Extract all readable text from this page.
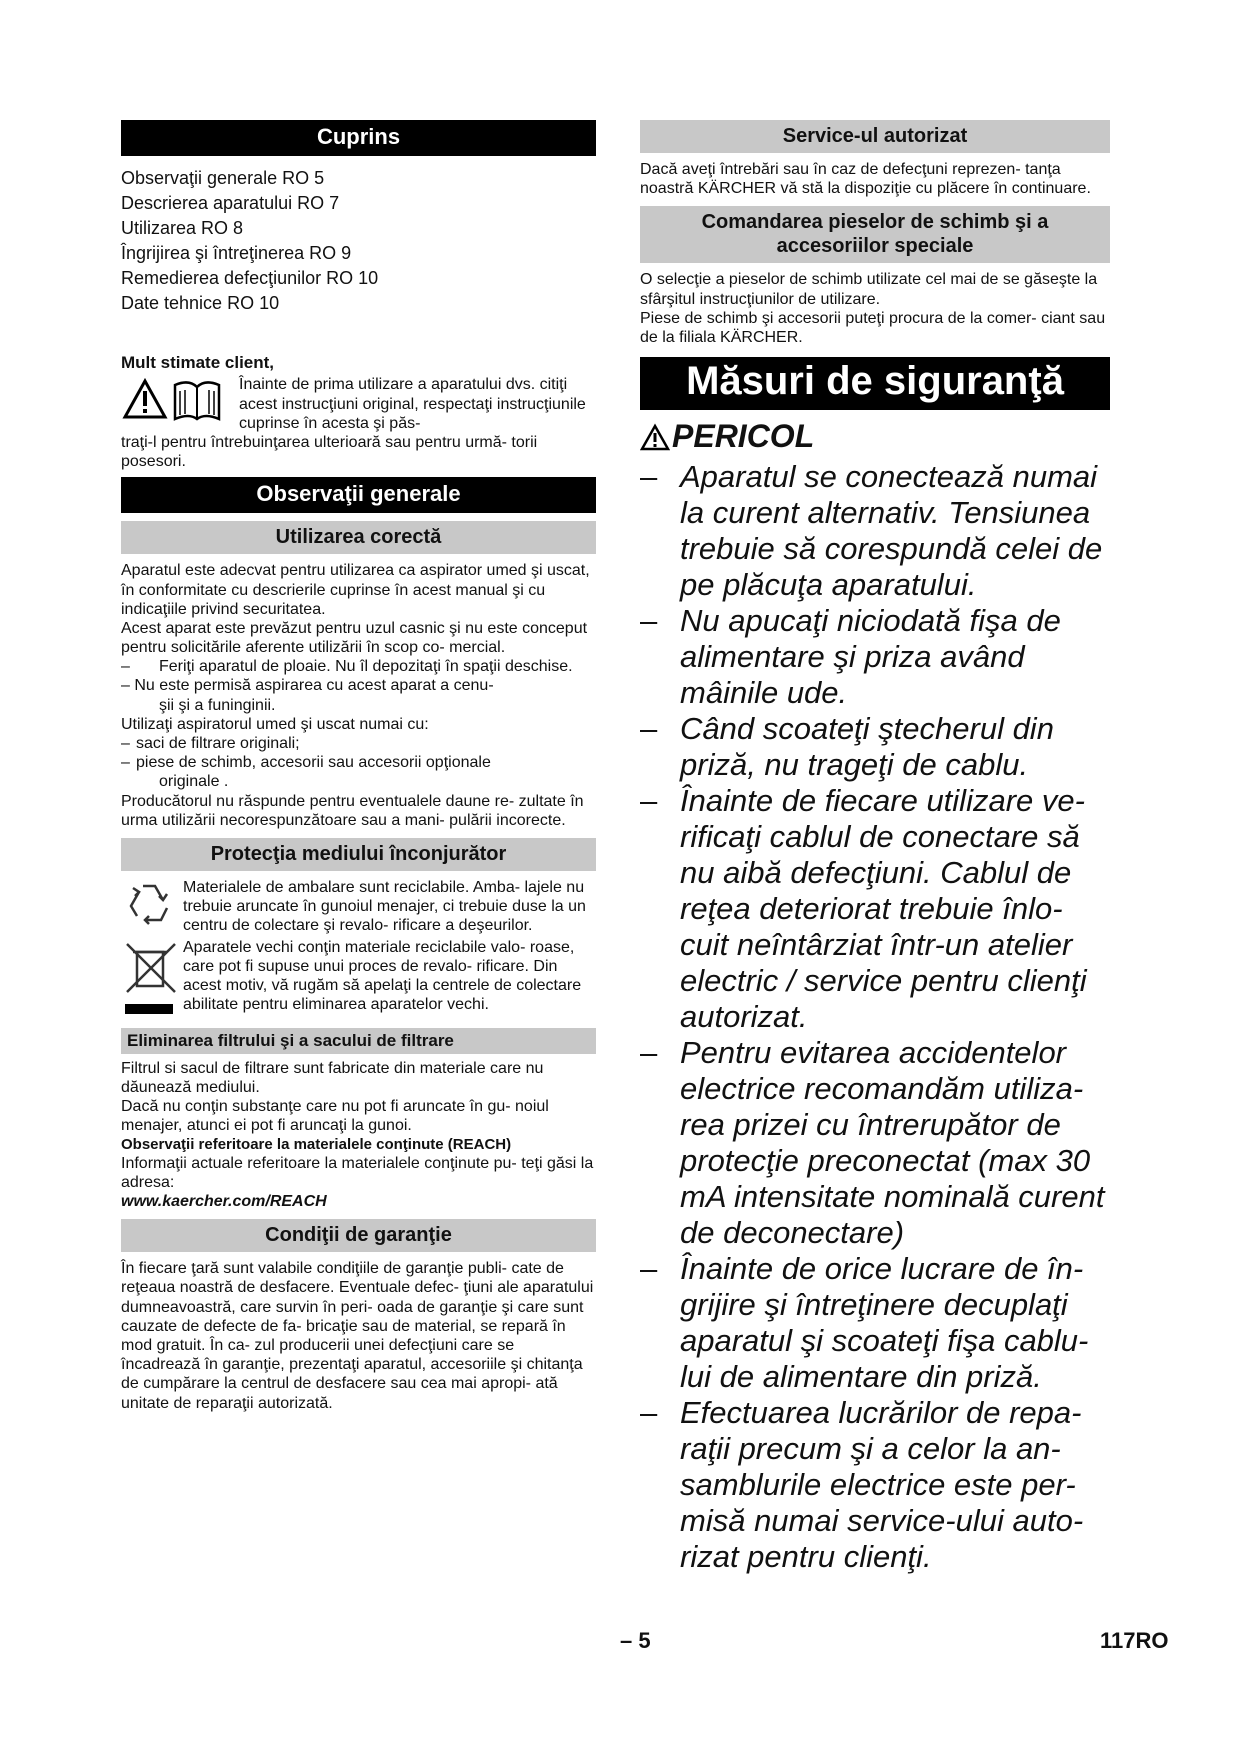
Cuprins
Observaţii generale RO 5
Descrierea aparatului RO 7
Utilizarea RO 8
Îngrijirea şi întreţinerea RO 9
Remedierea defecţiunilor RO 10
Date tehnice RO 10

Mult stimate client,

Înainte de prima utilizare a aparatului dvs. citiţi acest instrucţiuni original, respectaţi instrucţiunile cuprinse în acesta şi păs-

traţi-l pentru întrebuinţarea ulterioară sau pentru urmă- torii posesori.

Observaţii generale
Utilizarea corectă

Aparatul este adecvat pentru utilizarea ca aspirator umed şi uscat, în conformitate cu descrierile cuprinse în acest manual şi cu indicaţiile privind securitatea.

Acest aparat este prevăzut pentru uzul casnic şi nu este conceput pentru solicitările aferente utilizării în scop co- mercial.

–	Feriţi aparatul de ploaie. Nu îl depozitaţi în spaţii deschise.

– Nu este permisă aspirarea cu acest aparat a cenu-

şii şi a funinginii.

Utilizaţi aspiratorul umed şi uscat numai cu:

– saci de filtrare originali;
– piese de schimb, accesorii sau accesorii opţionale

originale .

Producătorul nu răspunde pentru eventualele daune re- zultate în urma utilizării necorespunzătoare sau a mani- pulării incorecte.

Protecţia mediului înconjurător

Materialele de ambalare sunt reciclabile. Amba- lajele nu trebuie aruncate în gunoiul menajer, ci trebuie duse la un centru de colectare şi revalo- rificare a deşeurilor.

Aparatele vechi conţin materiale reciclabile valo- roase, care pot fi supuse unui proces de revalo- rificare. Din acest motiv, vă rugăm să apelaţi la centrele de colectare abilitate pentru eliminarea aparatelor vechi.

Eliminarea filtrului şi a sacului de filtrare

Filtrul si sacul de filtrare sunt fabricate din materiale care nu dăunează mediului.

Dacă nu conţin substanţe care nu pot fi aruncate în gu- noiul menajer, atunci ei pot fi aruncaţi la gunoi.

Observaţii referitoare la materialele conţinute (REACH)

Informaţii actuale referitoare la materialele conţinute pu- teţi găsi la adresa:

www.kaercher.com/REACH

Condiţii de garanţie

În fiecare ţară sunt valabile condiţiile de garanţie publi- cate de reţeaua noastră de desfacere. Eventuale defec- ţiuni ale aparatului dumneavoastră, care survin în peri- oada de garanţie şi care sunt cauzate de defecte de fa- bricaţie sau de material, se repară în mod gratuit. În ca- zul producerii unei defecţiuni care se încadrează în garanţie, prezentaţi aparatul, accesoriile şi chitanţa de cumpărare la centrul de desfacere sau cea mai apropi- ată unitate de reparaţii autorizată.

Service-ul autorizat

Dacă aveţi întrebări sau în caz de defecţuni reprezen- tanţa noastră KÄRCHER vă stă la dispoziţie cu plăcere în continuare.

Comandarea pieselor de schimb şi a accesoriilor speciale

O selecţie a pieselor de schimb utilizate cel mai de se găseşte la sfârşitul instrucţiunilor de utilizare.

Piese de schimb şi accesorii puteţi procura de la comer- ciant sau de la filiala KÄRCHER.

Măsuri de siguranţă
PERICOL
– Aparatul se conectează numai la curent alternativ. Tensiunea trebuie să corespundă celei de pe plăcuţa aparatului.
– Nu apucaţi niciodată fişa de alimentare şi priza având mâinile ude.
– Când scoateţi ştecherul din priză, nu trageţi de cablu.
– Înainte de fiecare utilizare ve- rificaţi cablul de conectare să nu aibă defecţiuni. Cablul de reţea deteriorat trebuie înlo- cuit neîntârziat într-un atelier electric / service pentru clienţi autorizat.
– Pentru evitarea accidentelor electrice recomandăm utiliza- rea prizei cu întrerupător de protecţie preconectat (max 30 mA intensitate nominală curent de deconectare)
– Înainte de orice lucrare de în- grijire şi întreţinere decuplaţi aparatul şi scoateţi fişa cablu- lui de alimentare din priză.
– Efectuarea lucrărilor de repa- raţii precum şi a celor la an- samblurile electrice este per- misă numai service-ului auto- rizat pentru clienţi.
– 5	117RO
